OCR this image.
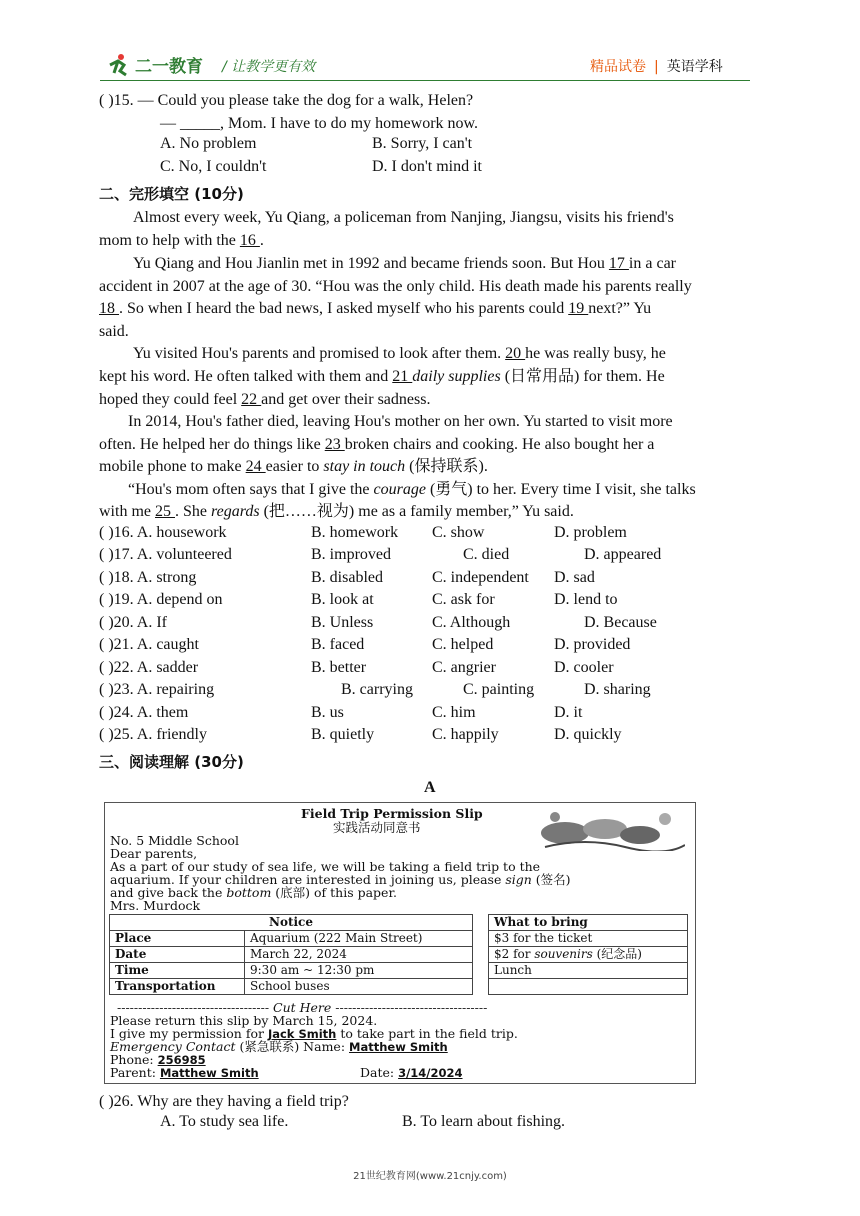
二一教育 / 让教学更有效	精品试卷 | 英语学科
( )15. — Could you please take the dog for a walk, Helen?
— _____, Mom. I have to do my homework now.
A. No problem	B. Sorry, I can't
C. No, I couldn't	D. I don't mind it
二、完形填空 (10分)
Almost every week, Yu Qiang, a policeman from Nanjing, Jiangsu, visits his friend's
mom to help with the 16 .
Yu Qiang and Hou Jianlin met in 1992 and became friends soon. But Hou 17 in a car
accident in 2007 at the age of 30. “Hou was the only child. His death made his parents really
18 . So when I heard the bad news, I asked myself who his parents could 19 next?” Yu
said.
Yu visited Hou's parents and promised to look after them. 20 he was really busy, he
kept his word. He often talked with them and 21 daily supplies (日常用品) for them. He
hoped they could feel 22 and get over their sadness.
In 2014, Hou's father died, leaving Hou's mother on her own. Yu started to visit more
often. He helped her do things like 23 broken chairs and cooking. He also bought her a
mobile phone to make 24 easier to stay in touch (保持联系).
“Hou's mom often says that I give the courage (勇气) to her. Every time I visit, she talks
with me 25 . She regards (把……视为) me as a family member,” Yu said.
( )16. A. housework	B. homework C. show	D. problem
( )17. A. volunteered	B. improved	C. died	D. appeared
( )18. A. strong	B. disabled	C. independent D. sad
( )19. A. depend on	B. look at	C. ask for	D. lend to
( )20. A. If	B. Unless	C. Although	D. Because
( )21. A. caught	B. faced	C. helped	D. provided
( )22. A. sadder	B. better	C. angrier	D. cooler
( )23. A. repairing	B. carrying	C. painting	D. sharing
( )24. A. them	B. us	C. him	D. it
( )25. A. friendly	B. quietly	C. happily	D. quickly
三、阅读理解 (30分)
A
Field Trip Permission Slip
实践活动同意书
No. 5 Middle School
Dear parents,
As a part of our study of sea life, we will be taking a field trip to the
aquarium. If your children are interested in joining us, please sign (签名)
and give back the bottom (底部) of this paper.
Mrs. Murdock
Notice	
Place	Aquarium (222 Main Street)
Date	March 22, 2024
Time	9:30 am ~ 12:30 pm
Transportation	School buses
What to bring
$3 for the ticket
$2 for souvenirs (纪念品)
Lunch

------------------------------------ Cut Here ------------------------------------
Please return this slip by March 15, 2024.
I give my permission for Jack Smith to take part in the field trip.
Emergency Contact (紧急联系) Name: Matthew Smith
Phone: 256985
Parent: Matthew Smith	Date: 3/14/2024
( )26. Why are they having a field trip?
A. To study sea life.	B. To learn about fishing.
21世纪教育网(www.21cnjy.com)
